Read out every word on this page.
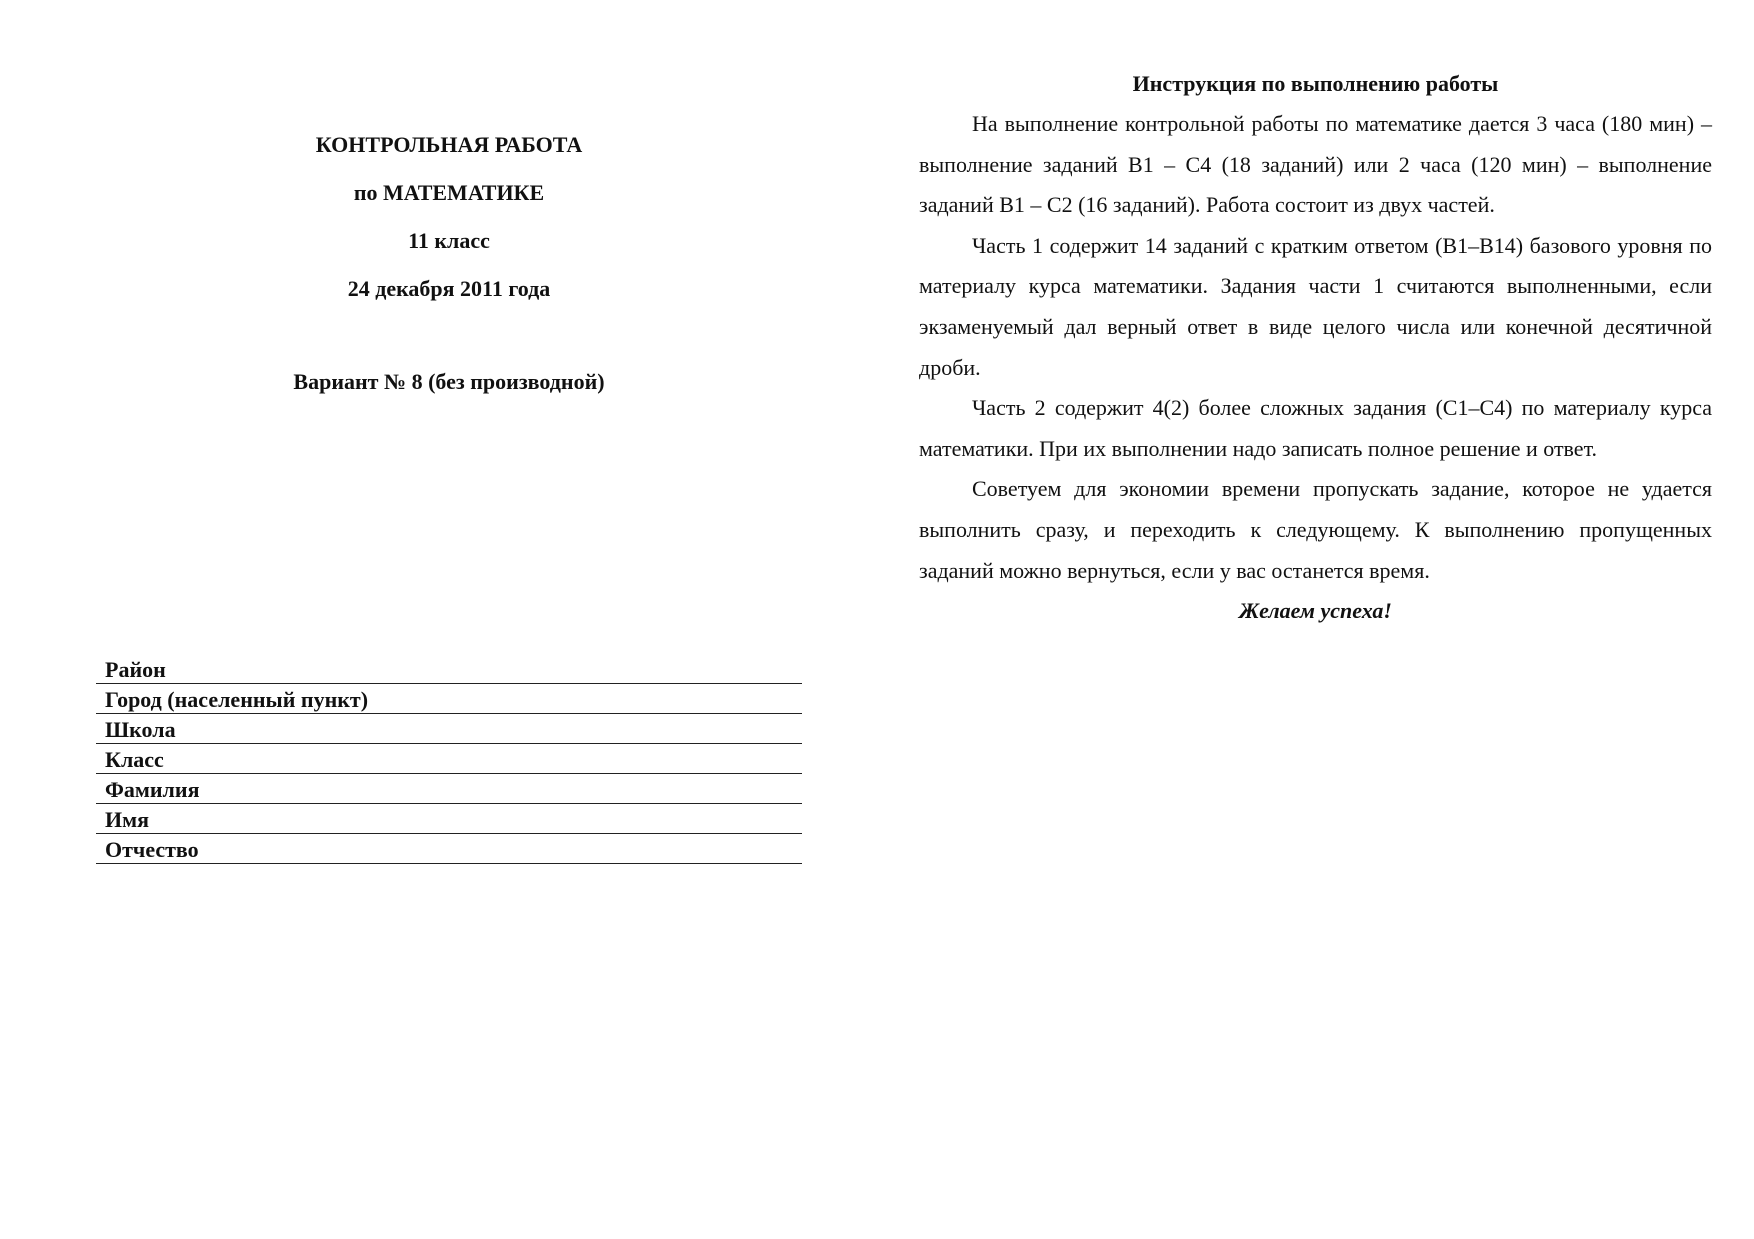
КОНТРОЛЬНАЯ РАБОТА
по МАТЕМАТИКЕ
11 класс
24 декабря 2011 года
Вариант № 8 (без производной)
Район
Город (населенный пункт)
Школа
Класс
Фамилия
Имя
Отчество
Инструкция по выполнению работы

На выполнение контрольной работы по математике дается 3 часа (180 мин) – выполнение заданий B1 – C4 (18 заданий) или 2 часа (120 мин) – выполнение заданий B1 – C2 (16 заданий). Работа состоит из двух частей.

Часть 1 содержит 14 заданий с кратким ответом (B1–B14) базового уровня по материалу курса математики. Задания части 1 считаются выполненными, если экзаменуемый дал верный ответ в виде целого числа или конечной десятичной дроби.

Часть 2 содержит 4(2) более сложных задания (C1–C4) по материалу курса математики. При их выполнении надо записать полное решение и ответ.

Советуем для экономии времени пропускать задание, которое не удается выполнить сразу, и переходить к следующему. К выполнению пропущенных заданий можно вернуться, если у вас останется время.

Желаем успеха!
